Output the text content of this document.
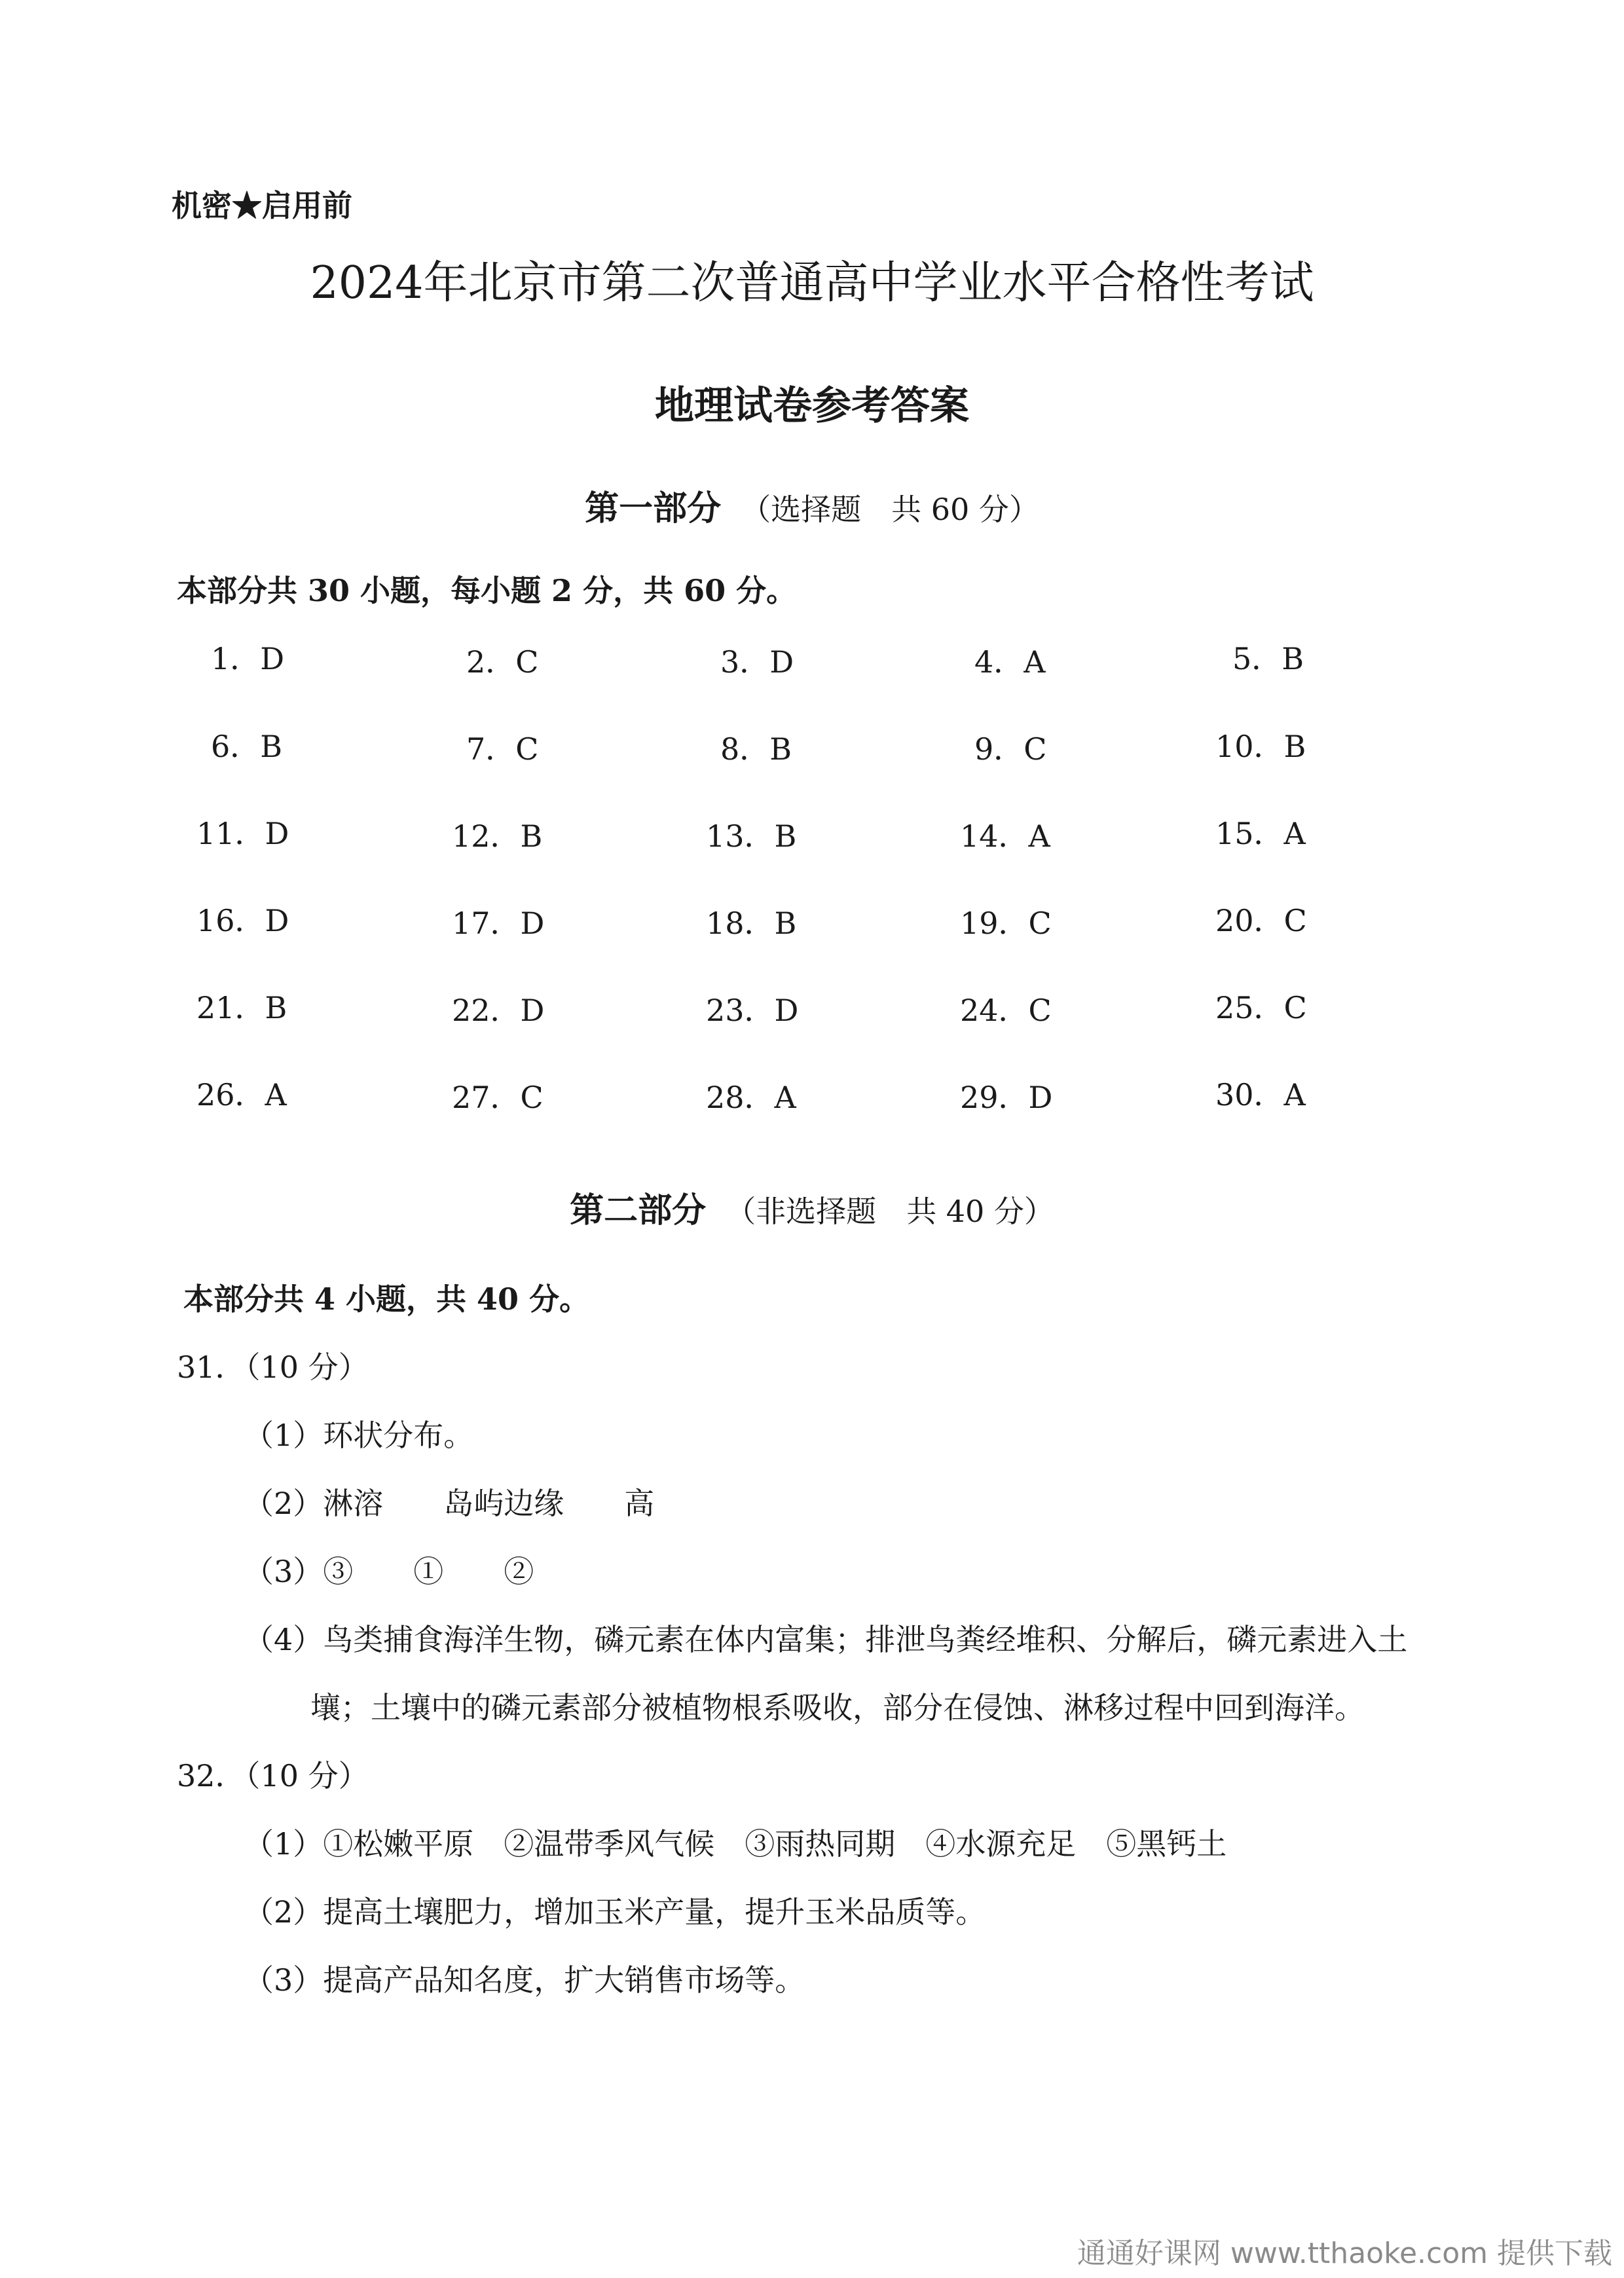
机密★启用前
2024年北京市第二次普通高中学业水平合格性考试
地理试卷参考答案
第一部分 （选择题　共 60 分）
本部分共 30 小题，每小题 2 分，共 60 分。
1．D	2．C	3．D	4．A	5．B
6．B	7．C	8．B	9．C	10．B
11．D	12．B	13．B	14．A	15．A
16．D	17．D	18．B	19．C	20．C
21．B	22．D	23．D	24．C	25．C
26．A	27．C	28．A	29．D	30．A
第二部分 （非选择题　共 40 分）
本部分共 4 小题，共 40 分。
31．（10 分）
（1）环状分布。
（2）淋溶　　岛屿边缘　　高
（3）③　　①　　②
（4）鸟类捕食海洋生物，磷元素在体内富集；排泄鸟粪经堆积、分解后，磷元素进入土
壤；土壤中的磷元素部分被植物根系吸收，部分在侵蚀、淋移过程中回到海洋。
32．（10 分）
（1）①松嫩平原　②温带季风气候　③雨热同期　④水源充足　⑤黑钙土
（2）提高土壤肥力，增加玉米产量，提升玉米品质等。
（3）提高产品知名度，扩大销售市场等。
通通好课网 www.tthaoke.com 提供下载
